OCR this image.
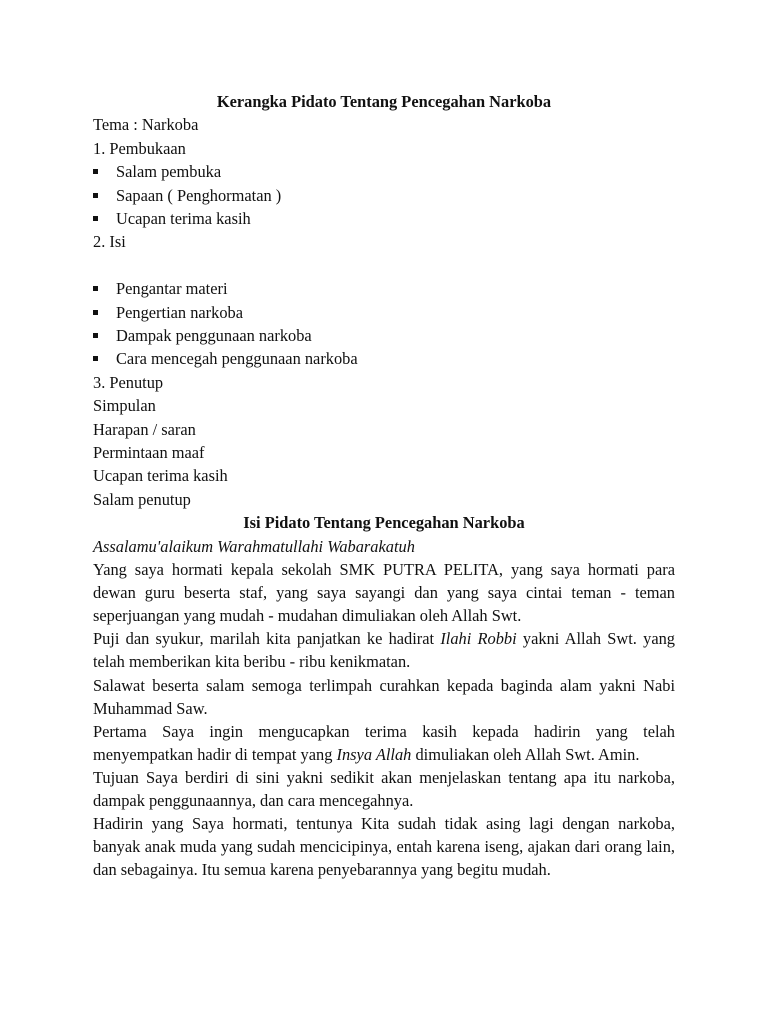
Kerangka Pidato Tentang Pencegahan Narkoba

Tema : Narkoba

1. Pembukaan

Salam pembuka

Sapaan ( Penghormatan )

Ucapan terima kasih

2. Isi

Pengantar materi

Pengertian narkoba

Dampak penggunaan narkoba

Cara mencegah penggunaan narkoba

3. Penutup

Simpulan

Harapan / saran

Permintaan maaf

Ucapan terima kasih

Salam penutup

Isi Pidato Tentang Pencegahan Narkoba

Assalamu'alaikum Warahmatullahi Wabarakatuh

Yang saya hormati kepala sekolah SMK PUTRA PELITA, yang saya hormati para dewan guru beserta staf, yang saya sayangi dan yang saya cintai teman - teman seperjuangan yang mudah - mudahan dimuliakan oleh Allah Swt.

Puji dan syukur, marilah kita panjatkan ke hadirat Ilahi Robbi yakni Allah Swt. yang telah memberikan kita beribu - ribu kenikmatan.

Salawat beserta salam semoga terlimpah curahkan kepada baginda alam yakni Nabi Muhammad Saw.

Pertama Saya ingin mengucapkan terima kasih kepada hadirin yang telah menyempatkan hadir di tempat yang Insya Allah dimuliakan oleh Allah Swt. Amin.

Tujuan Saya berdiri di sini yakni sedikit akan menjelaskan tentang apa itu narkoba, dampak penggunaannya, dan cara mencegahnya.

Hadirin yang Saya hormati, tentunya Kita sudah tidak asing lagi dengan narkoba, banyak anak muda yang sudah mencicipinya, entah karena iseng, ajakan dari orang lain, dan sebagainya. Itu semua karena penyebarannya yang begitu mudah.
